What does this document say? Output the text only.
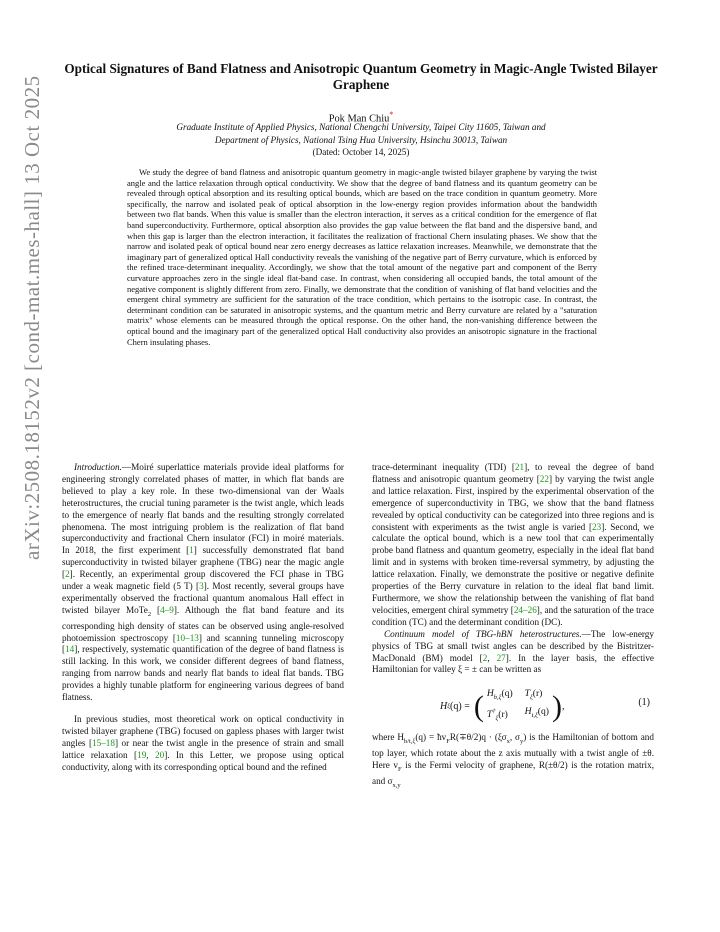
arXiv:2508.18152v2 [cond-mat.mes-hall] 13 Oct 2025
Optical Signatures of Band Flatness and Anisotropic Quantum Geometry in Magic-Angle Twisted Bilayer Graphene
Pok Man Chiu*
Graduate Institute of Applied Physics, National Chengchi University, Taipei City 11605, Taiwan and
Department of Physics, National Tsing Hua University, Hsinchu 30013, Taiwan
(Dated: October 14, 2025)
We study the degree of band flatness and anisotropic quantum geometry in magic-angle twisted bilayer graphene by varying the twist angle and the lattice relaxation through optical conductivity. We show that the degree of band flatness and its quantum geometry can be revealed through optical absorption and its resulting optical bounds, which are based on the trace condition in quantum geometry. More specifically, the narrow and isolated peak of optical absorption in the low-energy region provides information about the bandwidth between two flat bands. When this value is smaller than the electron interaction, it serves as a critical condition for the emergence of flat band superconductivity. Furthermore, optical absorption also provides the gap value between the flat band and the dispersive band, and when this gap is larger than the electron interaction, it facilitates the realization of fractional Chern insulating phases. We show that the narrow and isolated peak of optical bound near zero energy decreases as lattice relaxation increases. Meanwhile, we demonstrate that the imaginary part of generalized optical Hall conductivity reveals the vanishing of the negative part of Berry curvature, which is enforced by the refined trace-determinant inequality. Accordingly, we show that the total amount of the negative part and component of the Berry curvature approaches zero in the single ideal flat-band case. In contrast, when considering all occupied bands, the total amount of the negative component is slightly different from zero. Finally, we demonstrate that the condition of vanishing of flat band velocities and the emergent chiral symmetry are sufficient for the saturation of the trace condition, which pertains to the isotropic case. In contrast, the determinant condition can be saturated in anisotropic systems, and the quantum metric and Berry curvature are related by a "saturation matrix" whose elements can be measured through the optical response. On the other hand, the non-vanishing difference between the optical bound and the imaginary part of the generalized optical Hall conductivity also provides an anisotropic signature in the fractional Chern insulating phases.

Introduction.—Moiré superlattice materials provide ideal platforms for engineering strongly correlated phases of matter, in which flat bands are believed to play a key role. In these two-dimensional van der Waals heterostructures, the crucial tuning parameter is the twist angle, which leads to the emergence of nearly flat bands and the resulting strongly correlated phenomena. The most intriguing problem is the realization of flat band superconductivity and fractional Chern insulator (FCI) in moiré materials. In 2018, the first experiment [1] successfully demonstrated flat band superconductivity in twisted bilayer graphene (TBG) near the magic angle [2]. Recently, an experimental group discovered the FCI phase in TBG under a weak magnetic field (5 T) [3]. Most recently, several groups have experimentally observed the fractional quantum anomalous Hall effect in twisted bilayer MoTe$_2$ [4–9]. Although the flat band feature and its corresponding high density of states can be observed using angle-resolved photoemission spectroscopy [10–13] and scanning tunneling microscopy [14], respectively, systematic quantification of the degree of band flatness is still lacking. In this work, we consider different degrees of band flatness, ranging from narrow bands and nearly flat bands to ideal flat bands. TBG provides a highly tunable platform for engineering various degrees of band flatness.

In previous studies, most theoretical work on optical conductivity in twisted bilayer graphene (TBG) focused on gapless phases with larger twist angles [15–18] or near the twist angle in the presence of strain and small lattice relaxation [19, 20]. In this Letter, we propose using optical conductivity, along with its corresponding optical bound and the refined

trace-determinant inequality (TDI) [21], to reveal the degree of band flatness and anisotropic quantum geometry [22] by varying the twist angle and lattice relaxation. First, inspired by the experimental observation of the emergence of superconductivity in TBG, we show that the band flatness revealed by optical conductivity can be categorized into three regions and is consistent with experiments as the twist angle is varied [23]. Second, we calculate the optical bound, which is a new tool that can experimentally probe band flatness and quantum geometry, especially in the ideal flat band limit and in systems with broken time-reversal symmetry, by adjusting the lattice relaxation. Finally, we demonstrate the positive or negative definite properties of the Berry curvature in relation to the ideal flat band limit. Furthermore, we show the relationship between the vanishing of flat band velocities, emergent chiral symmetry [24–26], and the saturation of the trace condition (TC) and the determinant condition (DC).

Continuum model of TBG-hBN heterostructures.—The low-energy physics of TBG at small twist angles can be described by the Bistritzer-MacDonald (BM) model [2, 27]. In the layer basis, the effective Hamiltonian for valley ξ = ± can be written as

H ξ (q) = ( $H_{b,\xi}(q)$ $T_\xi(r)$
$T^\dagger_\xi(r)$	$H_{t,\xi}(q)$ ) ,	(1)

where $H_{b/t,\xi}(q)$ = $ħv_FR(\mp\theta/2)q \cdot (\xi\sigma_x$, $\sigma_y$) is the Hamiltonian of bottom and top layer, which rotate about the z axis mutually with a twist angle of ±θ. Here $v_F$ is the Fermi velocity of graphene, R(±θ/2) is the rotation matrix, and $\sigma_{x,y}$
